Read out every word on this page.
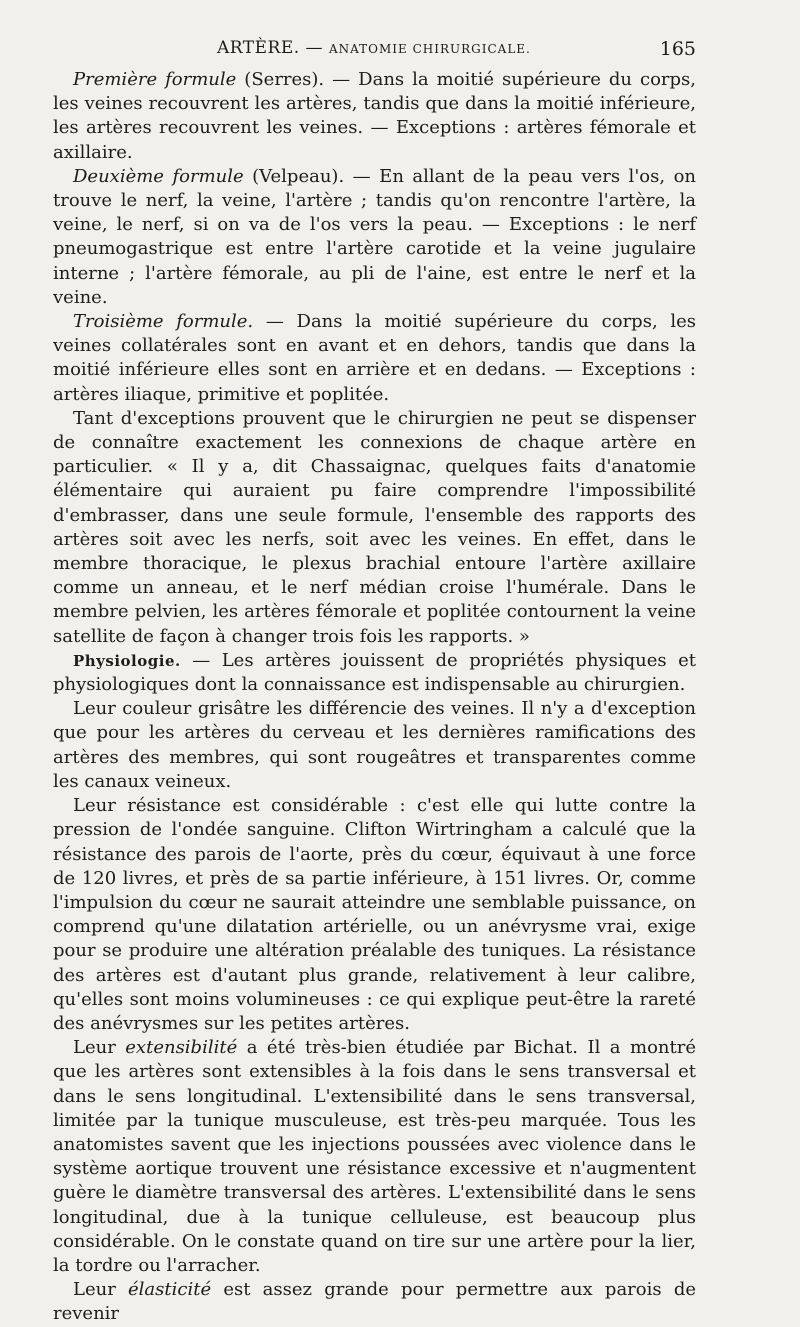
ARTÈRE. — ANATOMIE CHIRURGICALE.	165

Première formule (Serres). — Dans la moitié supérieure du corps, les veines recouvrent les artères, tandis que dans la moitié inférieure, les artères recouvrent les veines. — Exceptions : artères fémorale et axillaire.

Deuxième formule (Velpeau). — En allant de la peau vers l'os, on trouve le nerf, la veine, l'artère ; tandis qu'on rencontre l'artère, la veine, le nerf, si on va de l'os vers la peau. — Exceptions : le nerf pneumogastrique est entre l'artère carotide et la veine jugulaire interne ; l'artère fémorale, au pli de l'aine, est entre le nerf et la veine.

Troisième formule. — Dans la moitié supérieure du corps, les veines collatérales sont en avant et en dehors, tandis que dans la moitié inférieure elles sont en arrière et en dedans. — Exceptions : artères iliaque, primitive et poplitée.

Tant d'exceptions prouvent que le chirurgien ne peut se dispenser de connaître exactement les connexions de chaque artère en particulier. « Il y a, dit Chassaignac, quelques faits d'anatomie élémentaire qui auraient pu faire comprendre l'impossibilité d'embrasser, dans une seule formule, l'ensemble des rapports des artères soit avec les nerfs, soit avec les veines. En effet, dans le membre thoracique, le plexus brachial entoure l'artère axillaire comme un anneau, et le nerf médian croise l'humérale. Dans le membre pelvien, les artères fémorale et poplitée contournent la veine satellite de façon à changer trois fois les rapports. »

Physiologie. — Les artères jouissent de propriétés physiques et physiologiques dont la connaissance est indispensable au chirurgien.

Leur couleur grisâtre les différencie des veines. Il n'y a d'exception que pour les artères du cerveau et les dernières ramifications des artères des membres, qui sont rougeâtres et transparentes comme les canaux veineux.

Leur résistance est considérable : c'est elle qui lutte contre la pression de l'ondée sanguine. Clifton Wirtringham a calculé que la résistance des parois de l'aorte, près du cœur, équivaut à une force de 120 livres, et près de sa partie inférieure, à 151 livres. Or, comme l'impulsion du cœur ne saurait atteindre une semblable puissance, on comprend qu'une dilatation artérielle, ou un anévrysme vrai, exige pour se produire une altération préalable des tuniques. La résistance des artères est d'autant plus grande, relativement à leur calibre, qu'elles sont moins volumineuses : ce qui explique peut-être la rareté des anévrysmes sur les petites artères.

Leur extensibilité a été très-bien étudiée par Bichat. Il a montré que les artères sont extensibles à la fois dans le sens transversal et dans le sens longitudinal. L'extensibilité dans le sens transversal, limitée par la tunique musculeuse, est très-peu marquée. Tous les anatomistes savent que les injections poussées avec violence dans le système aortique trouvent une résistance excessive et n'augmentent guère le diamètre transversal des artères. L'extensibilité dans le sens longitudinal, due à la tunique celluleuse, est beaucoup plus considérable. On le constate quand on tire sur une artère pour la lier, la tordre ou l'arracher.

Leur élasticité est assez grande pour permettre aux parois de revenir
